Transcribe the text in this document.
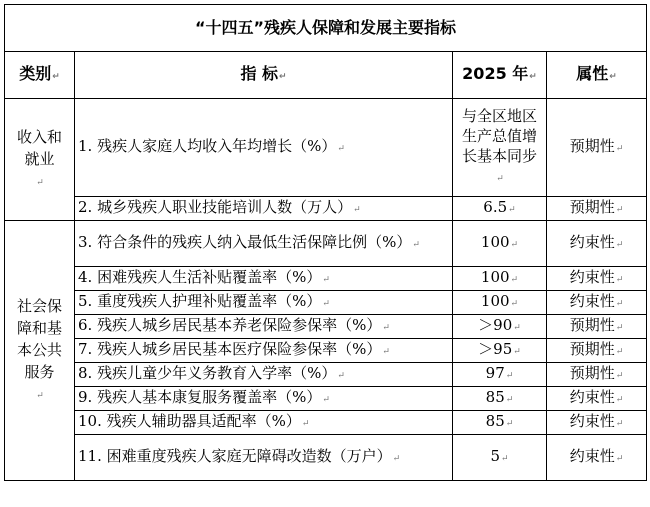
“十四五”残疾人保障和发展主要指标			
类别↵	指 标↵	2025 年↵	属性↵
收入和就业↵	1. 残疾人家庭人均收入年均增长（%）↵	与全区地区生产总值增长基本同步↵	预期性↵
	2. 城乡残疾人职业技能培训人数（万人）↵	6.5↵	预期性↵
社会保障和基本公共服务↵	3. 符合条件的残疾人纳入最低生活保障比例（%）↵	100↵	约束性↵
	4. 困难残疾人生活补贴覆盖率（%）↵	100↵	约束性↵
	5. 重度残疾人护理补贴覆盖率（%）↵	100↵	约束性↵
	6. 残疾人城乡居民基本养老保险参保率（%）↵	＞90↵	预期性↵
	7. 残疾人城乡居民基本医疗保险参保率（%）↵	＞95↵	预期性↵
	8. 残疾儿童少年义务教育入学率（%）↵	97↵	预期性↵
	9. 残疾人基本康复服务覆盖率（%）↵	85↵	约束性↵
	10. 残疾人辅助器具适配率（%）↵	85↵	约束性↵
	11. 困难重度残疾人家庭无障碍改造数（万户）↵	5↵	约束性↵
